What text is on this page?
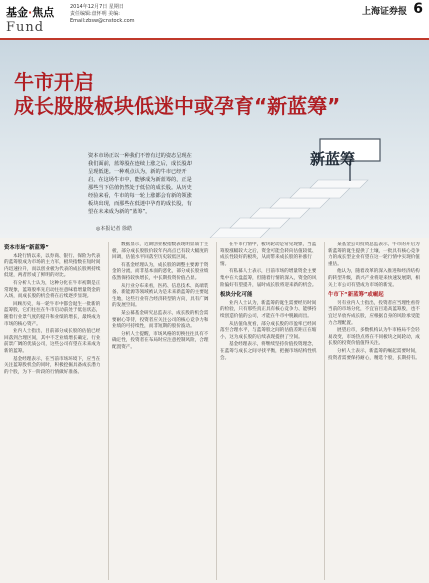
基金·焦点
Fund
2014年12月7日 星期日
责任编辑:盘怀明 美编:
Email:zbsw@cnstock.com
上海证券报 6
新蓝筹
牛市开启
成长股股板块低迷中或孕育“新蓝筹”
资本市场正以一种我们不曾有过的姿态呈现在我们面前，蓝筹股在连续上涨之后，成长股却呈现低迷。一种观点认为，新的牛市已经开启，在这场牛市中，能够成为新蓝筹的，正是那些当下估值仍然处于低位的成长股。从历史经验来看，牛市的每一轮上涨都会有新的领涨板块出现，而那些在低迷中孕育的成长股，有望在未来成为新的“蓝筹”。
◎本报记者 徐皓
资本市场“新蓝筹”

本轮行情以来，以券商、银行、保险为代表的蓝筹股成为市场的主力军，板块指数在短时间内迅速拉升，而以创业板为代表的成长股则持续低迷，两者形成了鲜明的对比。

有分析人士认为，这种分化在牛市初期是正常现象，蓝筹股率先启动往往意味着增量资金的入场，而成长股的机会将在后续逐步显现。

回顾历史，每一轮牛市中都会诞生一批新的蓝筹股，它们往往在牛市启动前处于低估状态，随着行业景气度的提升和业绩的增长，最终成为市场的核心资产。

业内人士指出，目前部分成长股的估值已经回落到合理区间，其中不乏业绩增长确定、行业前景广阔的优质公司，这些公司有望在未来成为新的蓝筹。

基金经理表示，在当前市场环境下，应当在关注蓝筹股机会的同时，积极挖掘具备成长潜力的个股，为下一阶段的行情做好准备。

数据显示，近期创业板指数表现明显弱于主板，部分成长股股价较年内高点已有较大幅度的回调，估值水平回落至历史较低区间。

有基金经理认为，成长股的调整主要源于资金的分流，而非基本面的恶化，部分成长股业绩依然保持较快增长，中长期投资价值凸显。

从行业分布来看，医药、信息技术、高端装备、新能源等领域被认为是未来新蓝筹的主要诞生地，这些行业符合经济转型的方向，具有广阔的发展空间。

某公募基金研究总监表示，成长股的机会需要耐心等待，投资者应关注公司的核心竞争力和业绩的可持续性，而非短期的股价波动。

分析人士提醒，市场风格的切换往往具有不确定性，投资者在布局时应注意控制风险，合理配置资产。

在牛市行情中，板块轮动是常见现象，当蓝筹股涨幅较大之后，资金可能会转向估值较低、成长性较好的板块，从而带来成长股的补涨行情。

有私募人士表示，目前市场的增量资金主要集中在大盘蓝筹，但随着行情的深入，资金的风险偏好有望提升，届时成长股将迎来新的机会。

板块分化可能

业内人士认为，新蓝筹的诞生需要经历时间的检验，只有那些真正具有核心竞争力、能够持续创造价值的公司，才能在牛市中脱颖而出。

从估值角度看，部分成长股的市盈率已经回落至合理水平，与蓝筹股之间的估值差距正在缩小，这为成长股的后续表现提供了空间。

基金经理表示，将继续坚持价值投资理念，在蓝筹与成长之间寻找平衡，把握市场结构性机会。

某基金公司投资总监表示，牛市的开启为新蓝筹的诞生提供了土壤，一批具有核心竞争力的成长型企业有望在这一轮行情中实现价值重估。

他认为，随着改革的深入推进和经济结构的转型升级，新兴产业将迎来快速发展期，相关上市公司有望成为市场的新宠。

牛市下“新蓝筹”或崛起

另有业内人士指出，投资者应当理性看待当前的市场分化，不宜盲目追高蓝筹股，也不宜过早放弃成长股，应根据自身的风险承受能力合理配置。

展望后市，多数机构认为牛市格局不会轻易改变，市场热点将在不同板块之间轮动，成长股的投资价值值得关注。

分析人士表示，新蓝筹的崛起需要时间，投资者需要保持耐心，精选个股，长期持有。
